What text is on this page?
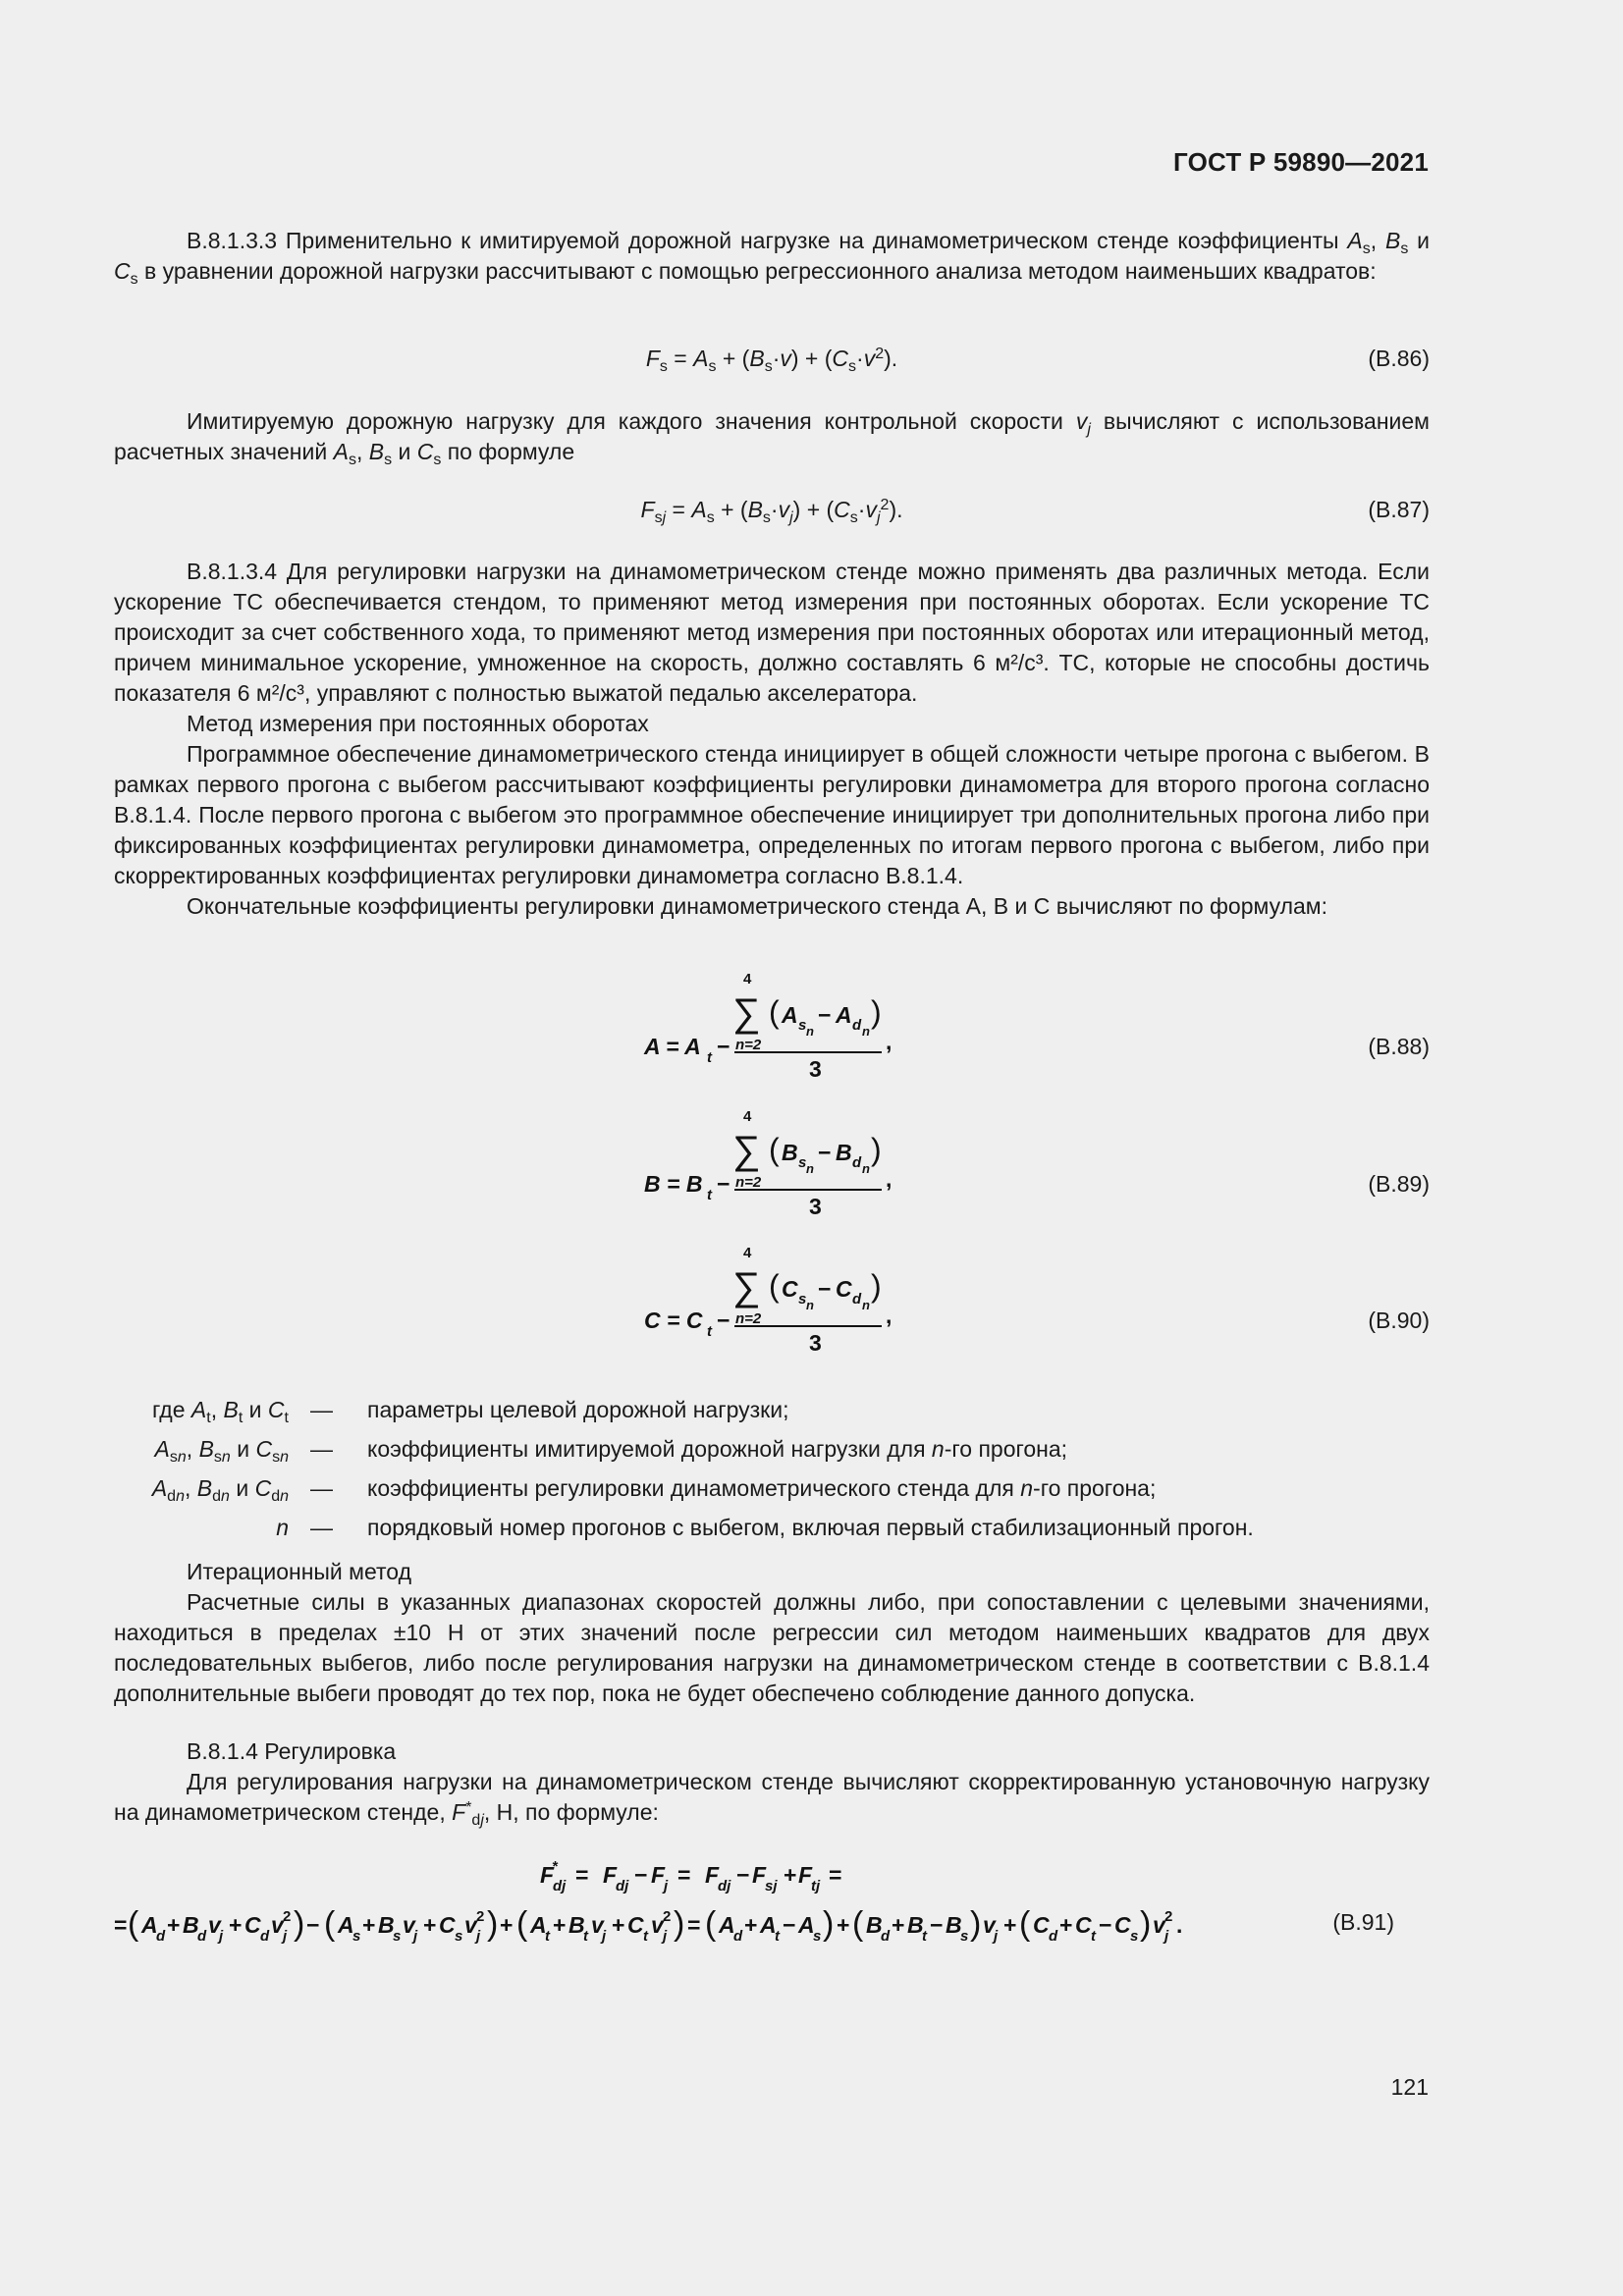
ГОСТ Р 59890—2021

В.8.1.3.3 Применительно к имитируемой дорожной нагрузке на динамометрическом стенде коэффициенты $A_s$, $B_s$ и $C_s$ в уравнении дорожной нагрузки рассчитывают с помощью регрессионного анализа методом наименьших квадратов:

$F_s = A_s + (B_s\cdot v) + (C_s\cdot v^2)$.	(В.86)

Имитируемую дорожную нагрузку для каждого значения контрольной скорости $v_j$ вычисляют с использованием расчетных значений $A_s$, $B_s$ и $C_s$ по формуле

$F_{sj} = A_s + (B_s\cdot v_j) + (C_s\cdot v_j^2)$.	(В.87)

В.8.1.3.4 Для регулировки нагрузки на динамометрическом стенде можно применять два различных метода. Если ускорение ТС обеспечивается стендом, то применяют метод измерения при постоянных оборотах. Если ускорение ТС происходит за счет собственного хода, то применяют метод измерения при постоянных оборотах или итерационный метод, причем минимальное ускорение, умноженное на скорость, должно составлять 6 м²/с³. ТС, которые не способны достичь показателя 6 м²/с³, управляют с полностью выжатой педалью акселератора.

Метод измерения при постоянных оборотах

Программное обеспечение динамометрического стенда инициирует в общей сложности четыре прогона с выбегом. В рамках первого прогона с выбегом рассчитывают коэффициенты регулировки динамометра для второго прогона согласно В.8.1.4. После первого прогона с выбегом это программное обеспечение инициирует три дополнительных прогона либо при фиксированных коэффициентах регулировки динамометра, определенных по итогам первого прогона с выбегом, либо при скорректированных коэффициентах регулировки динамометра согласно В.8.1.4.

Окончательные коэффициенты регулировки динамометрического стенда A, B и C вычисляют по формулам:

A = A t − n=2
4
∑ ( A s n
− A d n
)
,
3
(В.88)
B = B t − n=2
4
∑ ( B s n
− B d n
)
,
3
(В.89)
C = C t − n=2
4
∑ ( C s n
− C d n
)
,
3
(В.90)
где $A_t$, $B_t$ и $C_t$ — параметры целевой дорожной нагрузки;
$A_{sn}$, $B_{sn}$ и $C_{sn}$ — коэффициенты имитируемой дорожной нагрузки для n-го прогона;
$A_{dn}$, $B_{dn}$ и $C_{dn}$ — коэффициенты регулировки динамометрического стенда для n-го прогона;
n — порядковый номер прогонов с выбегом, включая первый стабилизационный прогон.

Итерационный метод

Расчетные силы в указанных диапазонах скоростей должны либо, при сопоставлении с целевыми значениями, находиться в пределах ±10 Н от этих значений после регрессии сил методом наименьших квадратов для двух последовательных выбегов, либо после регулирования нагрузки на динамометрическом стенде в соответствии с В.8.1.4 дополнительные выбеги проводят до тех пор, пока не будет обеспечено соблюдение данного допуска.

В.8.1.4 Регулировка

Для регулирования нагрузки на динамометрическом стенде вычисляют скорректированную установочную нагрузку на динамометрическом стенде, $F^*_{dj}$, Н, по формуле:

F
*
dj = F
dj − F
j = F
dj − F
sj + F
tj =
= ( A
d + B
d v
j + C d v 2
j ) − ( A
s + B
s v
j + C s v 2
j ) + ( A
t + B
t v
j + C t v 2
j ) = ( A
d + A
t − A
s ) + ( B
d + B
t − B
s ) v
j + ( C d + C t − C s ) v 2
j .	(В.91)
121
